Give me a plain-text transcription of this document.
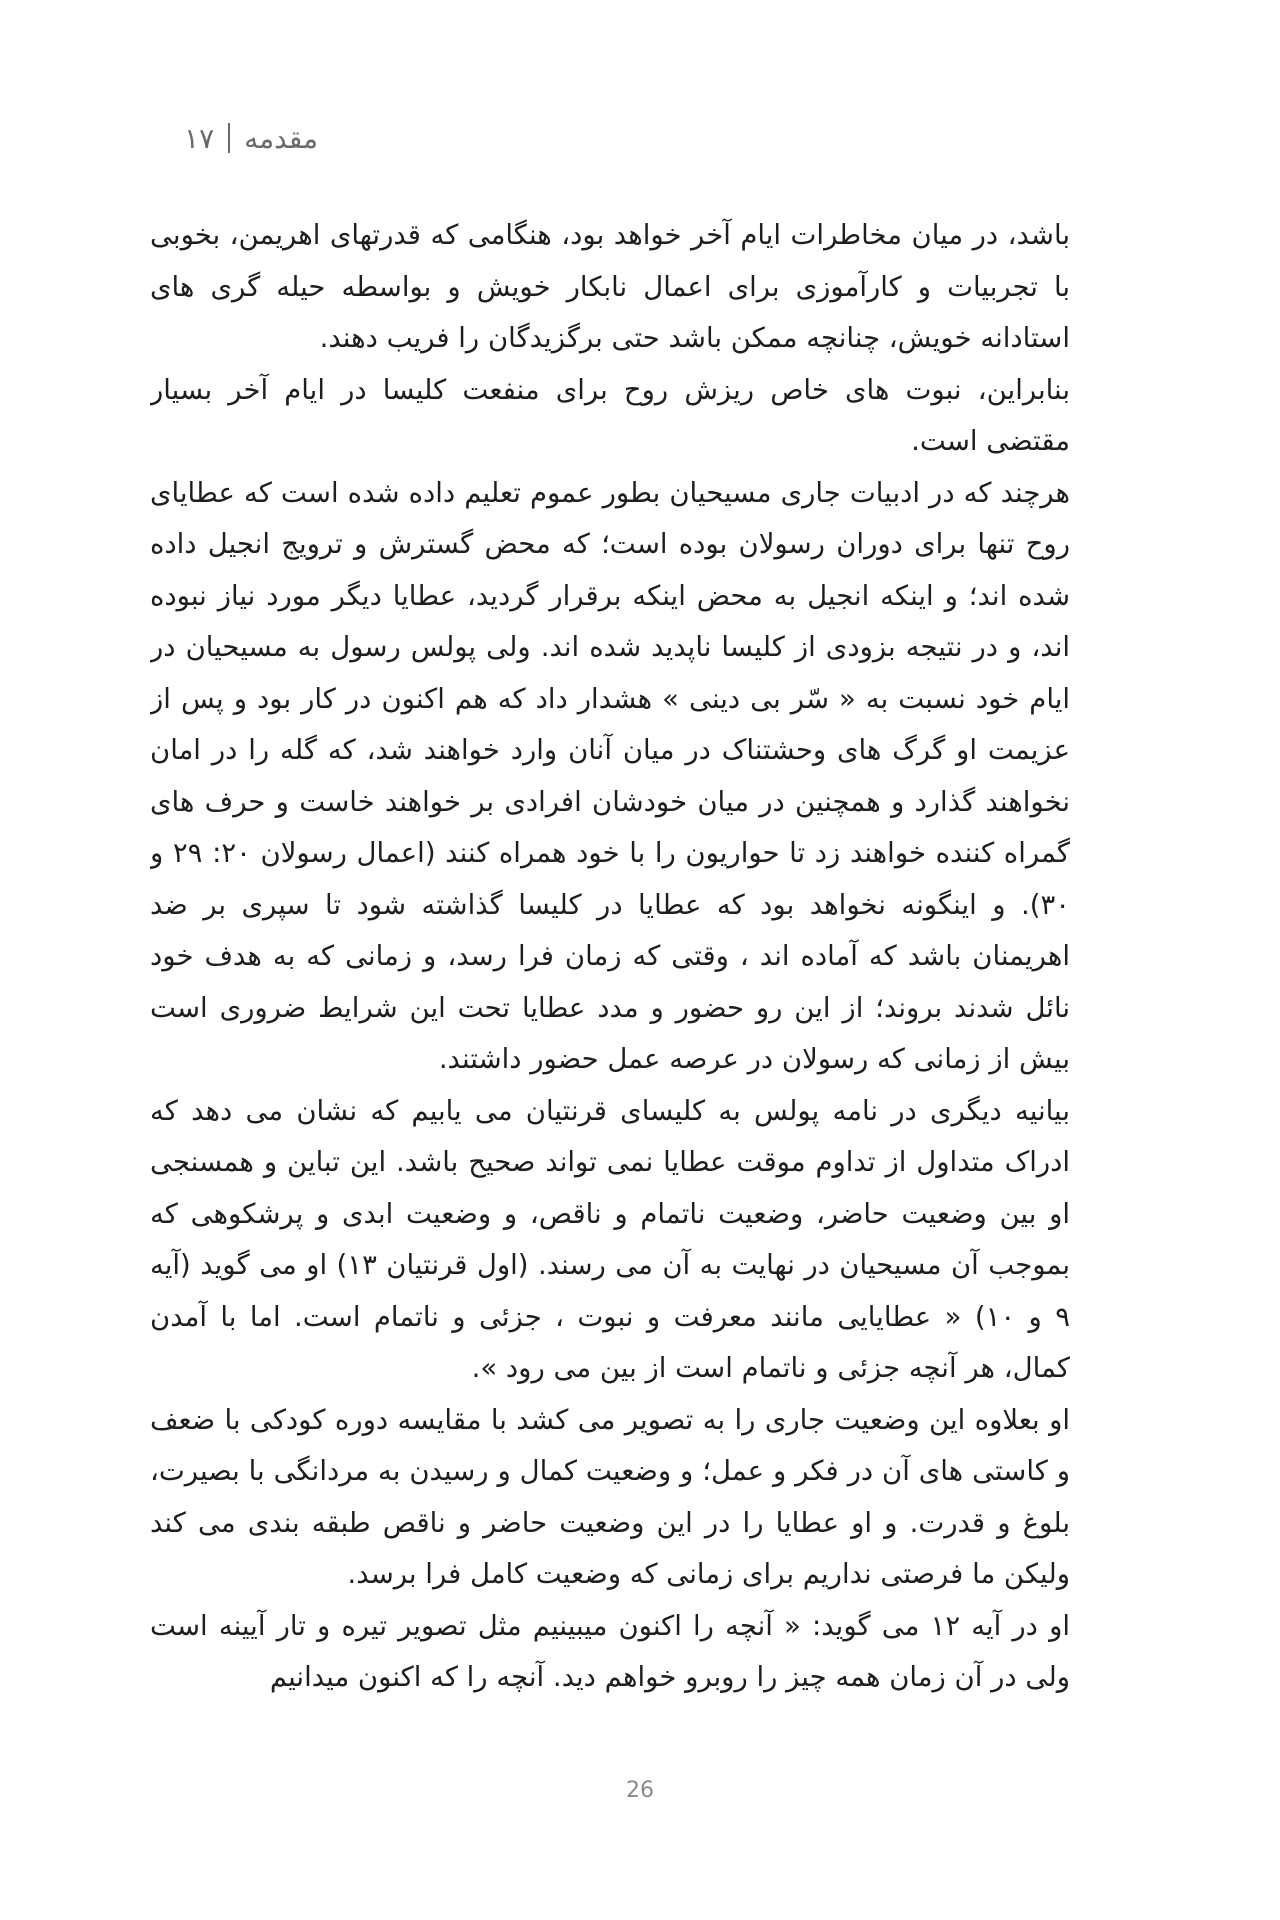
مقدمه
۱۷

باشد، در میان مخاطرات ایام آخر خواهد بود، هنگامی که قدرتهای اهریمن، بخوبی با تجربیات و کارآموزی برای اعمال نابکار خویش و بواسطه حیله گری های استادانه خویش، چنانچه ممکن باشد حتی برگزیدگان را فریب دهند.

بنابراین، نبوت های خاص ریزش روح برای منفعت کلیسا در ایام آخر بسیار مقتضی است.

هرچند که در ادبیات جاری مسیحیان بطور عموم تعلیم داده شده است که عطایای روح تنها برای دوران رسولان بوده است؛ که محض گسترش و ترویج انجیل داده شده اند؛ و اینکه انجیل به محض اینکه برقرار گردید، عطایا دیگر مورد نیاز نبوده اند، و در نتیجه بزودی از کلیسا ناپدید شده اند. ولی پولس رسول به مسیحیان در ایام خود نسبت به « سّر بی دینی » هشدار داد که هم اکنون در کار بود و پس از عزیمت او گرگ های وحشتناک در میان آنان وارد خواهند شد، که گله را در امان نخواهند گذارد و همچنین در میان خودشان افرادی بر خواهند خاست و حرف های گمراه کننده خواهند زد تا حواریون را با خود همراه کنند (اعمال رسولان ۲۰: ۲۹ و ۳۰). و اینگونه نخواهد بود که عطایا در کلیسا گذاشته شود تا سپری بر ضد اهریمنان باشد که آماده اند ، وقتی که زمان فرا رسد، و زمانی که به هدف خود نائل شدند بروند؛ از این رو حضور و مدد عطایا تحت این شرایط ضروری است بیش از زمانی که رسولان در عرصه عمل حضور داشتند.

بیانیه دیگری در نامه پولس به کلیسای قرنتیان می یابیم که نشان می دهد که ادراک متداول از تداوم موقت عطایا نمی تواند صحیح باشد. این تباین و همسنجی او بین وضعیت حاضر، وضعیت ناتمام و ناقص، و وضعیت ابدی و پرشکوهی که بموجب آن مسیحیان در نهایت به آن می رسند. (اول قرنتیان ۱۳) او می گوید (آیه ۹ و ۱۰) « عطایایی مانند معرفت و نبوت ، جزئی و ناتمام است. اما با آمدن کمال، هر آنچه جزئی و ناتمام است از بین می رود ».

او بعلاوه این وضعیت جاری را به تصویر می کشد با مقایسه دوره کودکی با ضعف و کاستی های آن در فکر و عمل؛ و وضعیت کمال و رسیدن به مردانگی با بصیرت، بلوغ و قدرت. و او عطایا را در این وضعیت حاضر و ناقص طبقه بندی می کند ولیکن ما فرصتی نداریم برای زمانی که وضعیت کامل فرا برسد.

او در آیه ۱۲ می گوید: « آنچه را اکنون میبینیم مثل تصویر تیره و تار آیینه است ولی در آن زمان همه چیز را روبرو خواهم دید. آنچه را که اکنون میدانیم

26
